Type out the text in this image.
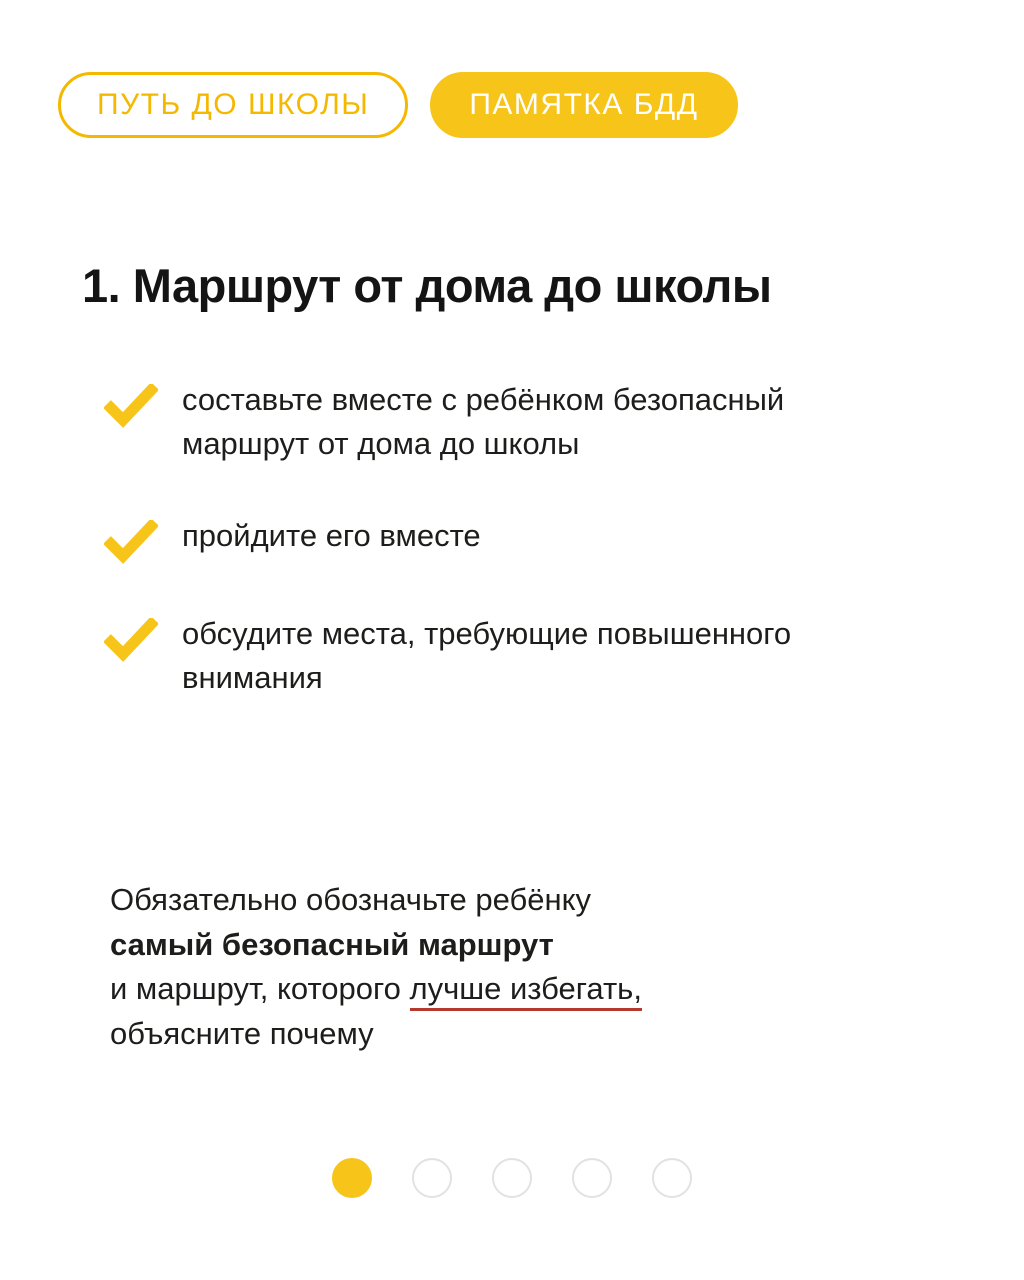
ПУТЬ ДО ШКОЛЫ	ПАМЯТКА БДД
1. Маршрут от дома до школы
составьте вместе с ребёнком безопасный маршрут от дома до школы
пройдите его вместе
обсудите места, требующие повышенного внимания
Обязательно обозначьте ребёнку
самый безопасный маршрут
и маршрут, которого лучше избегать,
объясните почему
